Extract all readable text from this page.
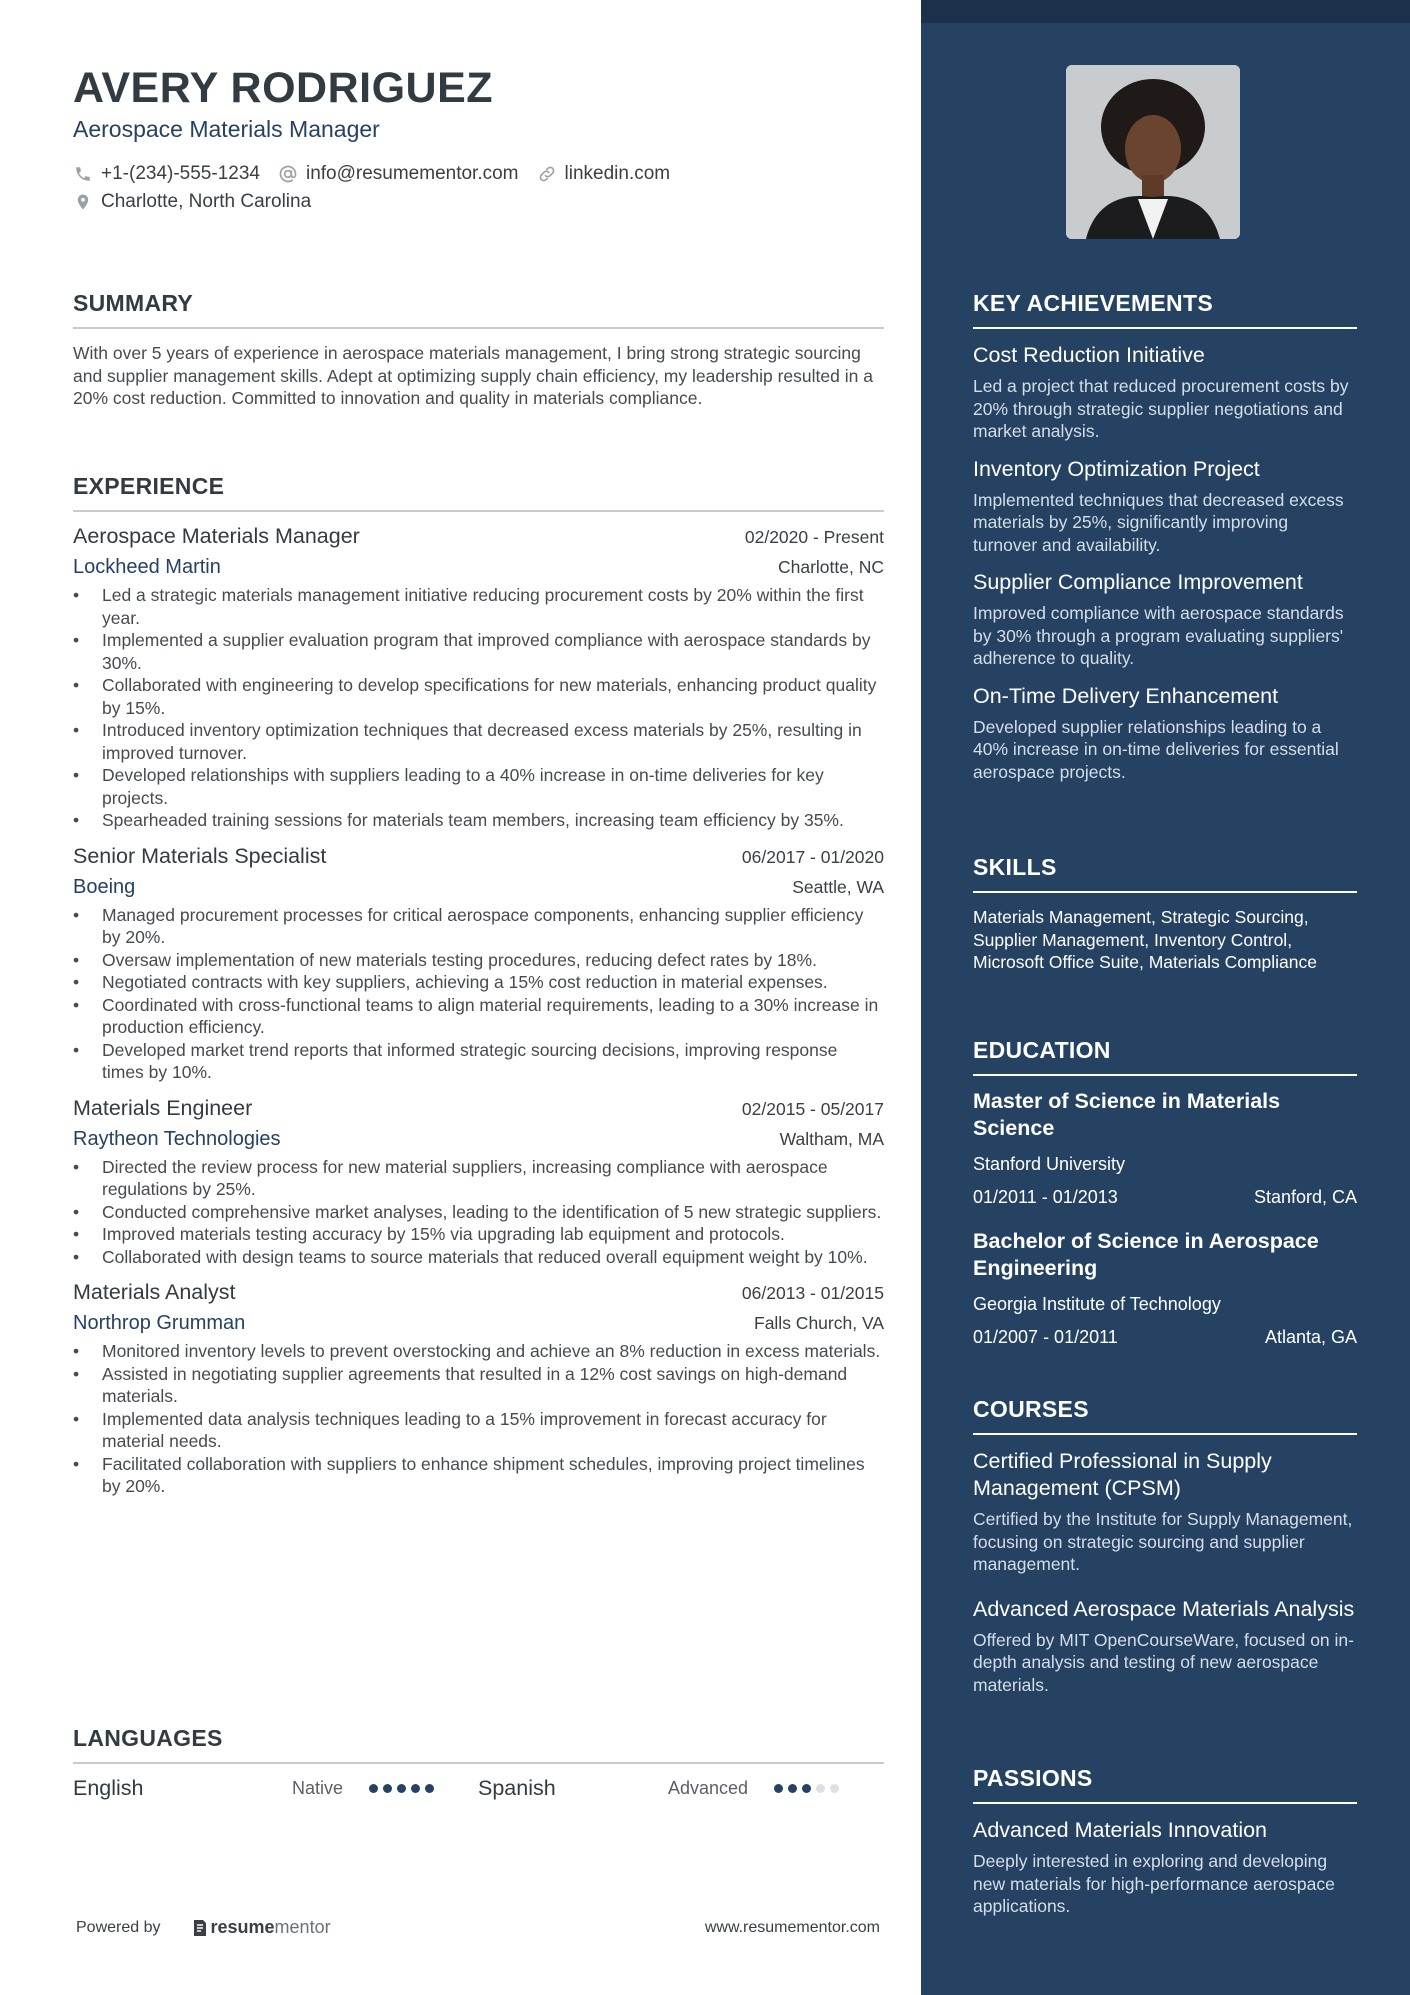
AVERY RODRIGUEZ
Aerospace Materials Manager
+1-(234)-555-1234 info@resumementor.com linkedin.com
Charlotte, North Carolina
SUMMARY

With over 5 years of experience in aerospace materials management, I bring strong strategic sourcing and supplier management skills. Adept at optimizing supply chain efficiency, my leadership resulted in a 20% cost reduction. Committed to innovation and quality in materials compliance.

EXPERIENCE
Aerospace Materials Manager	02/2020 - Present
Lockheed Martin	Charlotte, NC
• Led a strategic materials management initiative reducing procurement costs by 20% within the first year.
• Implemented a supplier evaluation program that improved compliance with aerospace standards by 30%.
• Collaborated with engineering to develop specifications for new materials, enhancing product quality by 15%.
• Introduced inventory optimization techniques that decreased excess materials by 25%, resulting in improved turnover.
• Developed relationships with suppliers leading to a 40% increase in on-time deliveries for key projects.
• Spearheaded training sessions for materials team members, increasing team efficiency by 35%.
Senior Materials Specialist	06/2017 - 01/2020
Boeing	Seattle, WA
• Managed procurement processes for critical aerospace components, enhancing supplier efficiency by 20%.
• Oversaw implementation of new materials testing procedures, reducing defect rates by 18%.
• Negotiated contracts with key suppliers, achieving a 15% cost reduction in material expenses.
• Coordinated with cross-functional teams to align material requirements, leading to a 30% increase in production efficiency.
• Developed market trend reports that informed strategic sourcing decisions, improving response times by 10%.
Materials Engineer	02/2015 - 05/2017
Raytheon Technologies	Waltham, MA
• Directed the review process for new material suppliers, increasing compliance with aerospace regulations by 25%.
• Conducted comprehensive market analyses, leading to the identification of 5 new strategic suppliers.
• Improved materials testing accuracy by 15% via upgrading lab equipment and protocols.
• Collaborated with design teams to source materials that reduced overall equipment weight by 10%.
Materials Analyst	06/2013 - 01/2015
Northrop Grumman	Falls Church, VA
• Monitored inventory levels to prevent overstocking and achieve an 8% reduction in excess materials.
• Assisted in negotiating supplier agreements that resulted in a 12% cost savings on high-demand materials.
• Implemented data analysis techniques leading to a 15% improvement in forecast accuracy for material needs.
• Facilitated collaboration with suppliers to enhance shipment schedules, improving project timelines by 20%.
LANGUAGES
English	Native	Spanish	Advanced
Powered by	resume mentor	www.resumementor.com
KEY ACHIEVEMENTS
Cost Reduction Initiative
Led a project that reduced procurement costs by 20% through strategic supplier negotiations and market analysis.
Inventory Optimization Project
Implemented techniques that decreased excess materials by 25%, significantly improving turnover and availability.
Supplier Compliance Improvement
Improved compliance with aerospace standards by 30% through a program evaluating suppliers' adherence to quality.
On-Time Delivery Enhancement
Developed supplier relationships leading to a 40% increase in on-time deliveries for essential aerospace projects.
SKILLS
Materials Management, Strategic Sourcing, Supplier Management, Inventory Control, Microsoft Office Suite, Materials Compliance
EDUCATION
Master of Science in Materials Science
Stanford University
01/2011 - 01/2013	Stanford, CA
Bachelor of Science in Aerospace Engineering
Georgia Institute of Technology
01/2007 - 01/2011	Atlanta, GA
COURSES
Certified Professional in Supply Management (CPSM)
Certified by the Institute for Supply Management, focusing on strategic sourcing and supplier management.
Advanced Aerospace Materials Analysis
Offered by MIT OpenCourseWare, focused on in-depth analysis and testing of new aerospace materials.
PASSIONS
Advanced Materials Innovation
Deeply interested in exploring and developing new materials for high-performance aerospace applications.
